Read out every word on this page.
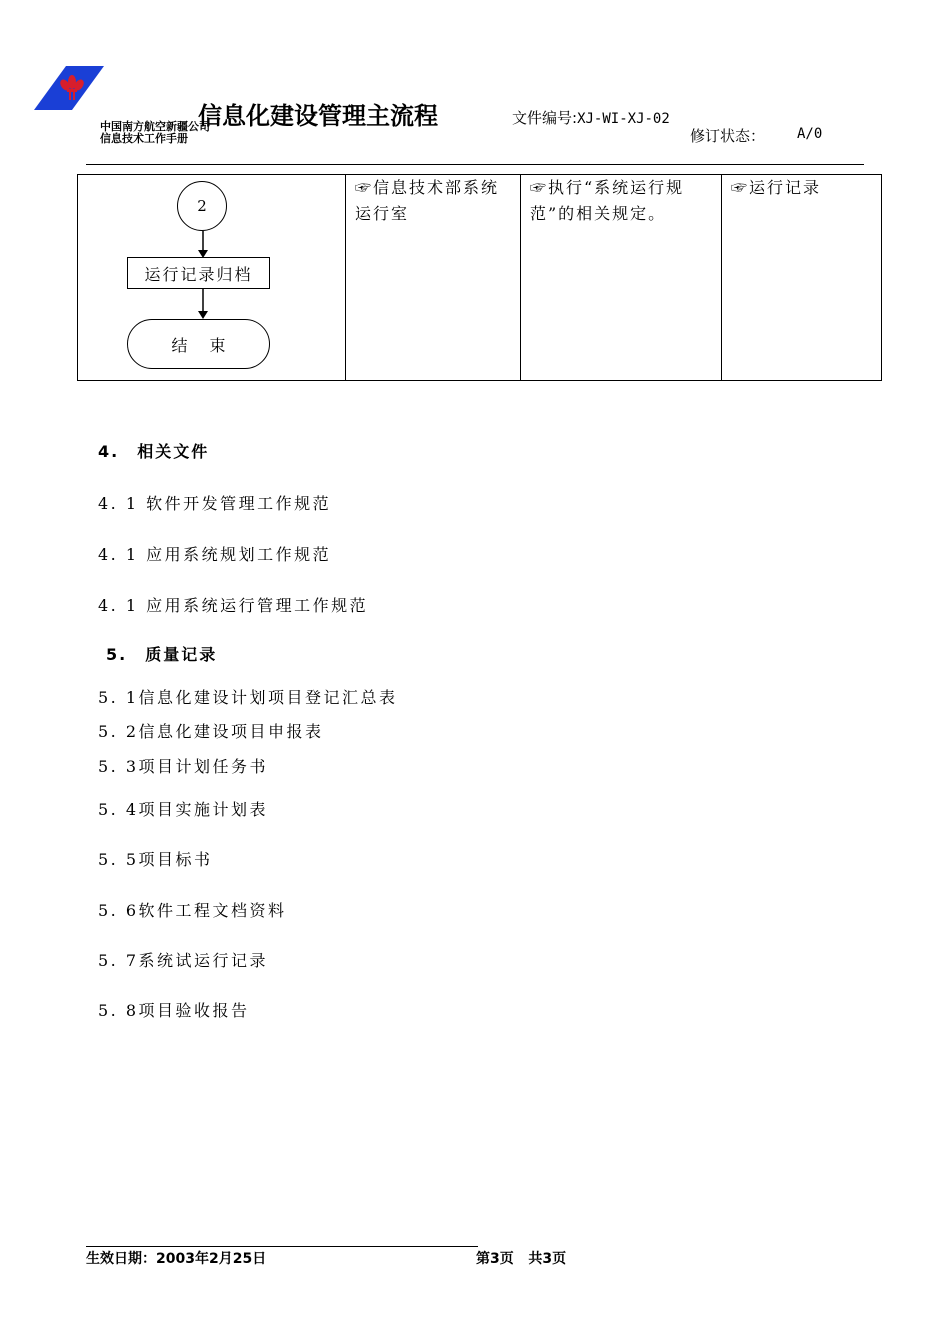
中国南方航空新疆公司
信息技术工作手册
信息化建设管理主流程	文件编号:XJ-WI-XJ-02
修订状态： A/0
2
运行记录归档
结束
☞信息技术部系统运行室
☞执行“系统运行规范”的相关规定。
☞运行记录
4. 相关文件
4. 1 软件开发管理工作规范
4. 1 应用系统规划工作规范
4. 1 应用系统运行管理工作规范
5. 质量记录
5. 1信息化建设计划项目登记汇总表
5. 2信息化建设项目申报表
5. 3项目计划任务书
5. 4项目实施计划表
5. 5项目标书
5. 6软件工程文档资料
5. 7系统试运行记录
5. 8项目验收报告
生效日期：2003年2月25日	第3页   共3页
